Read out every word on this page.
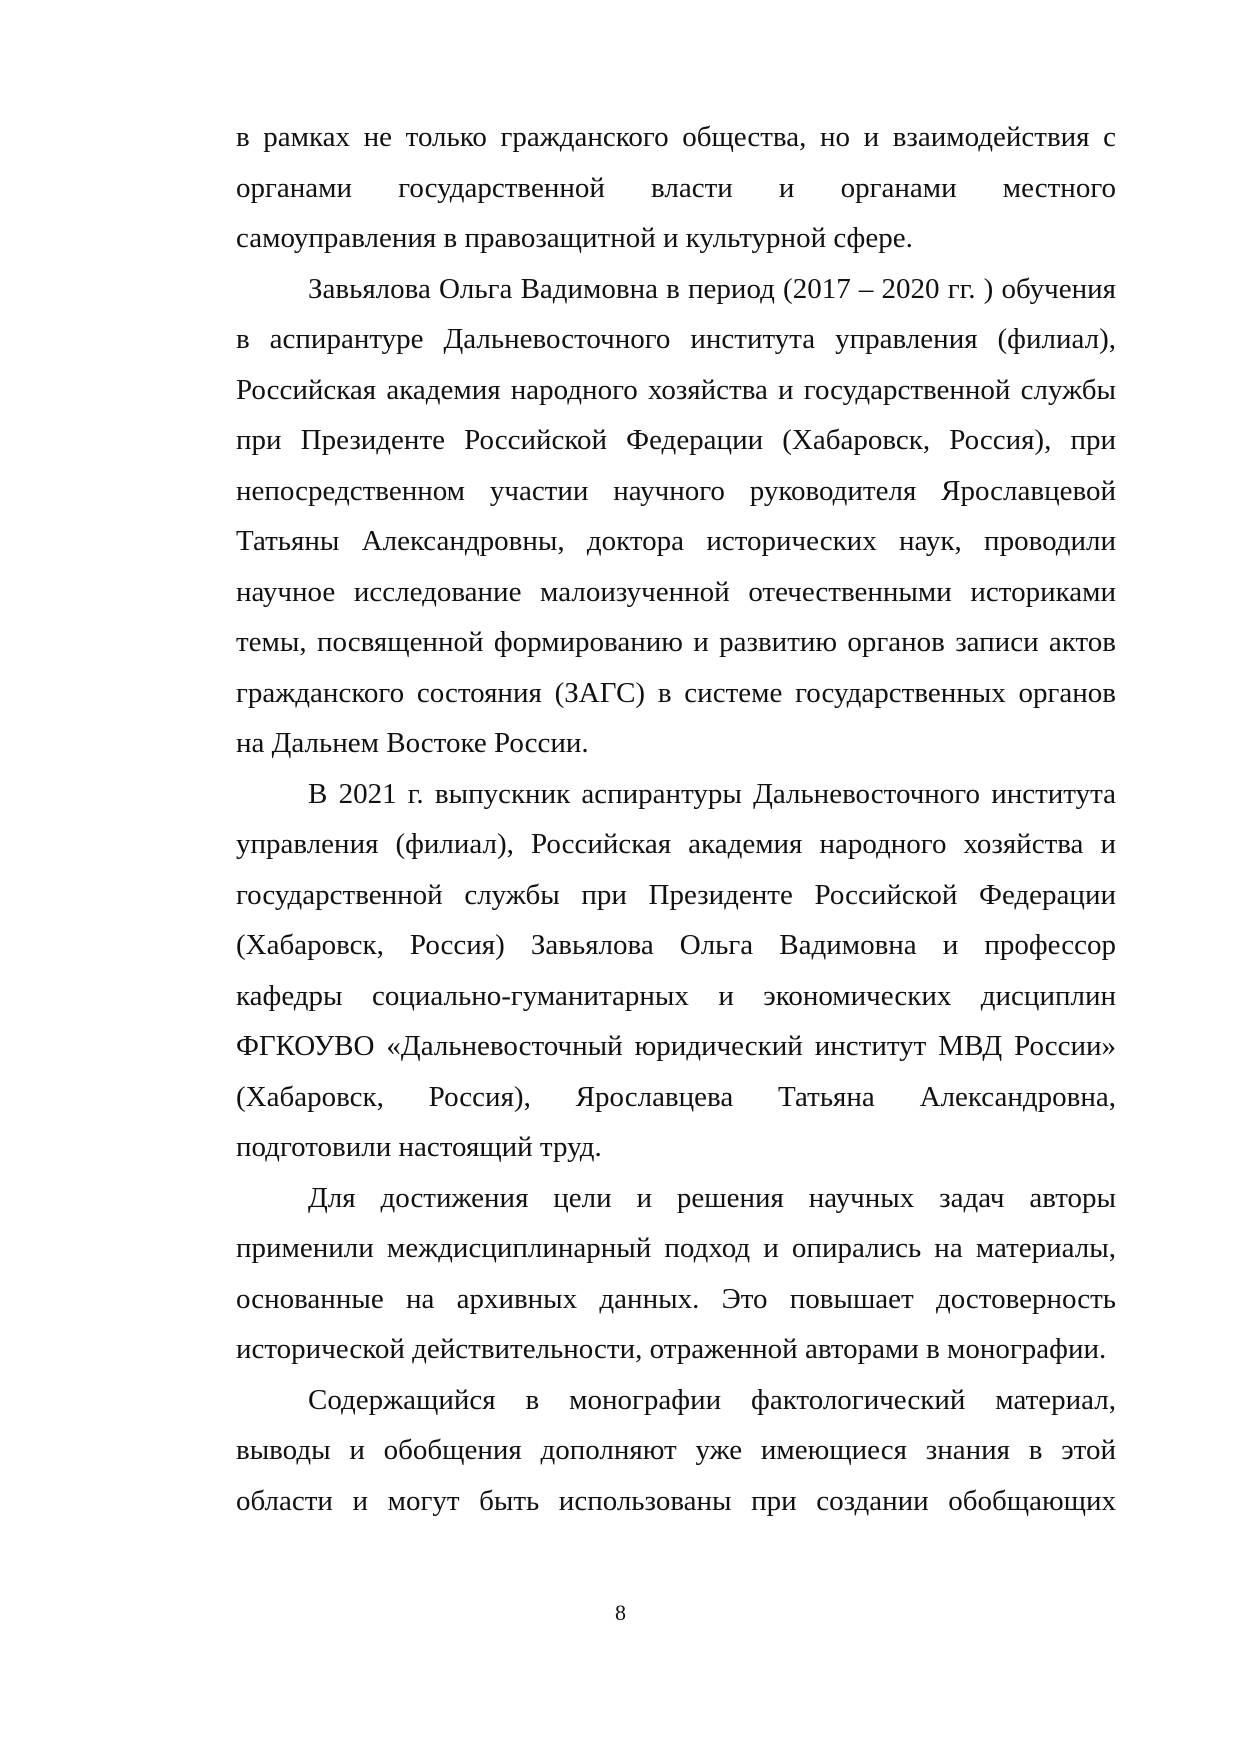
в рамках не только гражданского общества, но и взаимодействия с
органами государственной власти и органами местного
самоуправления в правозащитной и культурной сфере.
Завьялова Ольга Вадимовна в период (2017 – 2020 гг. ) обучения
в аспирантуре Дальневосточного института управления (филиал),
Российская академия народного хозяйства и государственной службы
при Президенте Российской Федерации (Хабаровск, Россия), при
непосредственном участии научного руководителя Ярославцевой
Татьяны Александровны, доктора исторических наук, проводили
научное исследование малоизученной отечественными историками
темы, посвященной формированию и развитию органов записи актов
гражданского состояния (ЗАГС) в системе государственных органов
на Дальнем Востоке России.
В 2021 г. выпускник аспирантуры Дальневосточного института
управления (филиал), Российская академия народного хозяйства и
государственной службы при Президенте Российской Федерации
(Хабаровск, Россия) Завьялова Ольга Вадимовна и профессор
кафедры социально-гуманитарных и экономических дисциплин
ФГКОУВО «Дальневосточный юридический институт МВД России»
(Хабаровск, Россия), Ярославцева Татьяна Александровна,
подготовили настоящий труд.
Для достижения цели и решения научных задач авторы
применили междисциплинарный подход и опирались на материалы,
основанные на архивных данных. Это повышает достоверность
исторической действительности, отраженной авторами в монографии.
Содержащийся в монографии фактологический материал,
выводы и обобщения дополняют уже имеющиеся знания в этой
области и могут быть использованы при создании обобщающих
8
